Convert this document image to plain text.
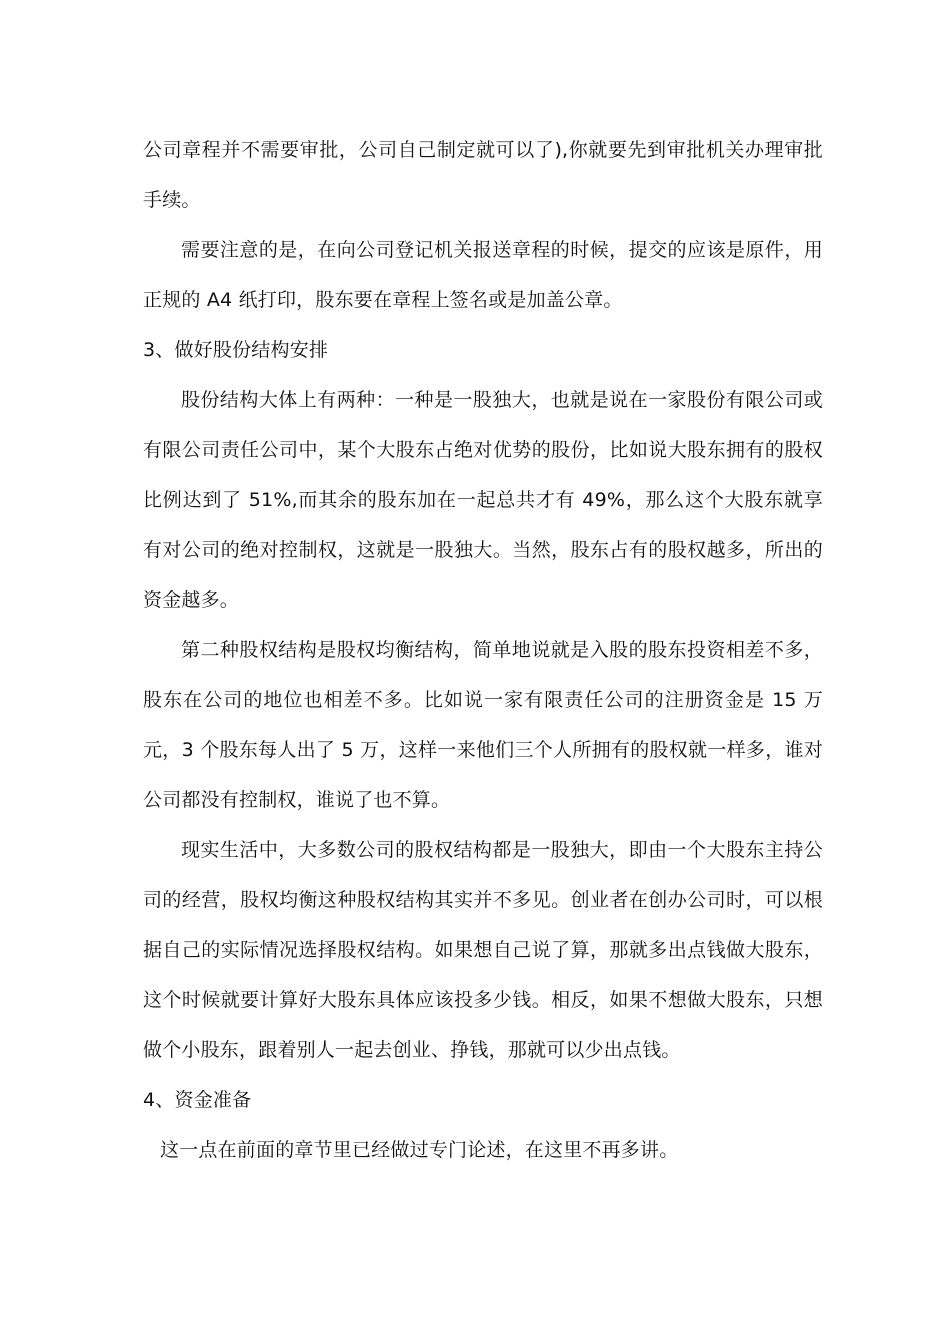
公司章程并不需要审批，公司自己制定就可以了),你就要先到审批机关办理审批手续。

需要注意的是，在向公司登记机关报送章程的时候，提交的应该是原件，用正规的 A4 纸打印，股东要在章程上签名或是加盖公章。

3、做好股份结构安排

股份结构大体上有两种：一种是一股独大，也就是说在一家股份有限公司或有限公司责任公司中，某个大股东占绝对优势的股份，比如说大股东拥有的股权比例达到了 51%,而其余的股东加在一起总共才有 49%，那么这个大股东就享有对公司的绝对控制权，这就是一股独大。当然，股东占有的股权越多，所出的资金越多。

第二种股权结构是股权均衡结构，简单地说就是入股的股东投资相差不多，股东在公司的地位也相差不多。比如说一家有限责任公司的注册资金是 15 万元，3 个股东每人出了 5 万，这样一来他们三个人所拥有的股权就一样多，谁对公司都没有控制权，谁说了也不算。

现实生活中，大多数公司的股权结构都是一股独大，即由一个大股东主持公司的经营，股权均衡这种股权结构其实并不多见。创业者在创办公司时，可以根据自己的实际情况选择股权结构。如果想自己说了算，那就多出点钱做大股东，这个时候就要计算好大股东具体应该投多少钱。相反，如果不想做大股东，只想做个小股东，跟着别人一起去创业、挣钱，那就可以少出点钱。

4、资金准备

这一点在前面的章节里已经做过专门论述，在这里不再多讲。
